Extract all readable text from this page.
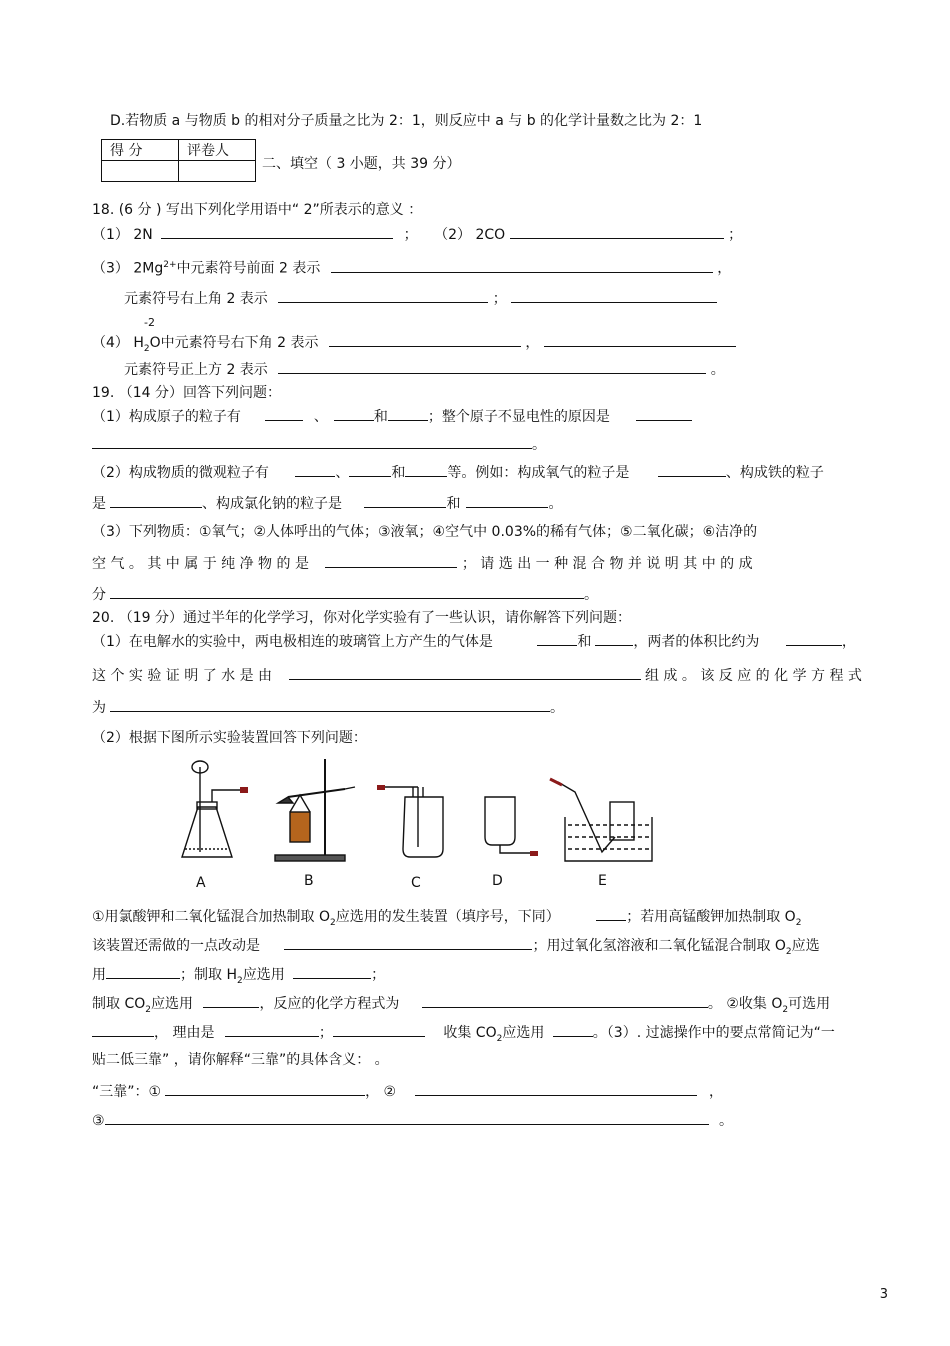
D.若物质 a 与物质 b 的相对分子质量之比为 2：1，则反应中 a 与 b 的化学计量数之比为 2：1
得 分	评卷人

二、填空（ 3 小题，共 39 分）
18. (6 分 ) 写出下列化学用语中“ 2”所表示的意义 ：
（1） 2N	； （2） 2CO	；
（3） $2Mg^{2+}$中元素符号前面 2 表示	，
元素符号右上角 2 表示	；
-2
（4） $H_2O$中元素符号右下角 2 表示	，
元素符号正上方 2 表示	。
19. （14 分）回答下列问题：
（1）构成原子的粒子有	、	和	；整个原子不显电性的原因是
。
（2）构成物质的微观粒子有	、	和	等。例如：构成氧气的粒子是	、构成铁的粒子
是	、构成氯化钠的粒子是	和	。
（3）下列物质：①氧气；②人体呼出的气体；③液氧；④空气中 0.03%的稀有气体；⑤二氧化碳；⑥洁净的
空 气 。 其 中 属 于 纯 净 物 的 是	； 请 选 出 一 种 混 合 物 并 说 明 其 中 的 成
分	。
20. （19 分）通过半年的化学学习，你对化学实验有了一些认识，请你解答下列问题：
（1）在电解水的实验中，两电极相连的玻璃管上方产生的气体是	和	，两者的体积比约为	，
这 个 实 验 证 明 了 水 是 由	组 成 。 该 反 应 的 化 学 方 程 式
为	。
（2）根据下图所示实验装置回答下列问题：
A	B	C	D	E
①用氯酸钾和二氧化锰混合加热制取 $O_2$应选用的发生装置（填序号，下同）	；若用高锰酸钾加热制取 $O_2$
该装置还需做的一点改动是	；用过氧化氢溶液和二氧化锰混合制取 $O_2$应选
用	；制取 $H_2$应选用	；
制取 $CO_2$应选用	，反应的化学方程式为	。 ②收集 $O_2$可选用
， 理由是	；	收集 $CO_2$应选用	。（3）. 过滤操作中的要点常简记为“一
贴二低三靠” ，请你解释“三靠”的具体含义： 。
“三靠”：①	， ②	，
③	。
3
